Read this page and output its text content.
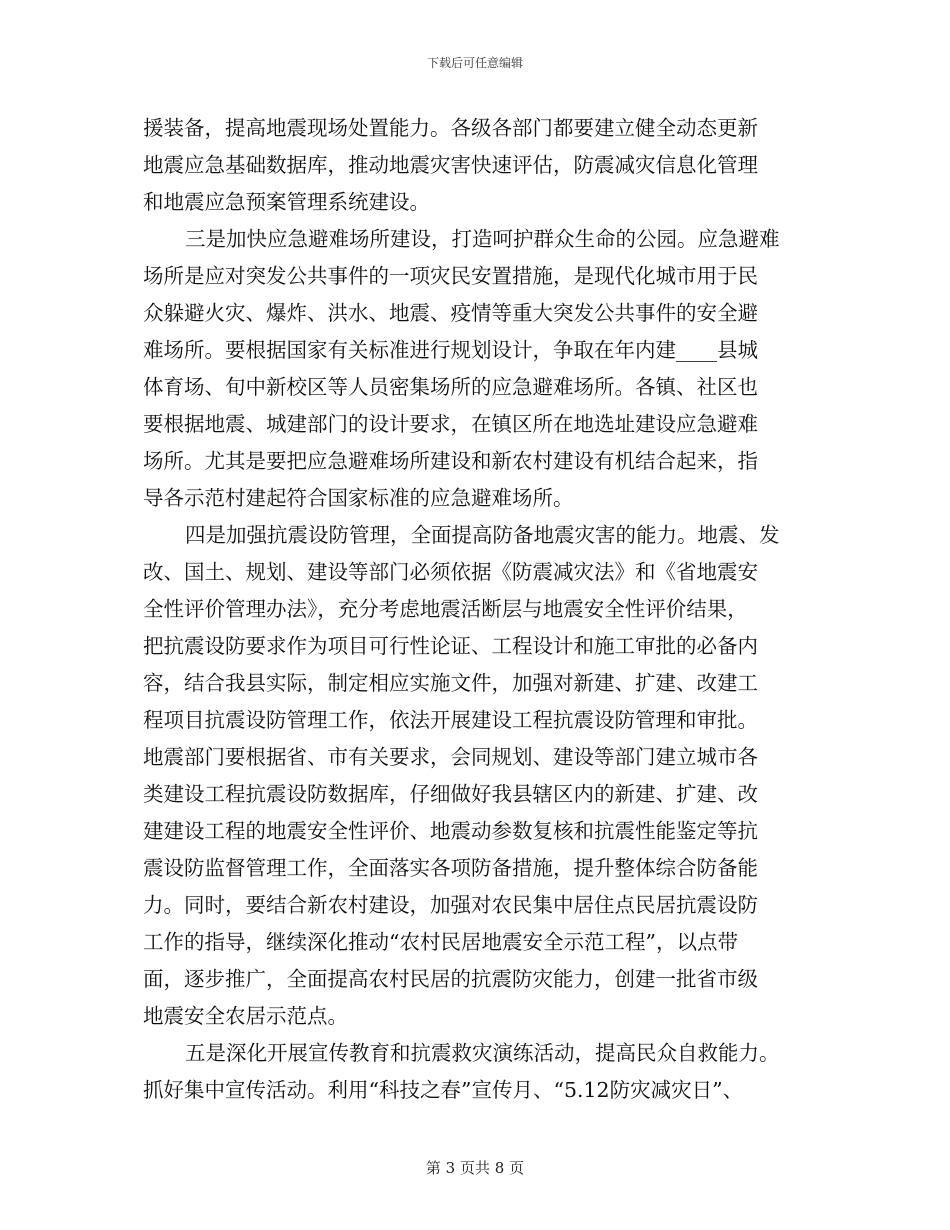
下载后可任意编辑
援装备，提高地震现场处置能力。各级各部门都要建立健全动态更新
地震应急基础数据库，推动地震灾害快速评估，防震减灾信息化管理
和地震应急预案管理系统建设。
三是加快应急避难场所建设，打造呵护群众生命的公园。应急避难
场所是应对突发公共事件的一项灾民安置措施，是现代化城市用于民
众躲避火灾、爆炸、洪水、地震、疫情等重大突发公共事件的安全避
难场所。要根据国家有关标准进行规划设计，争取在年内建____县城
体育场、旬中新校区等人员密集场所的应急避难场所。各镇、社区也
要根据地震、城建部门的设计要求，在镇区所在地选址建设应急避难
场所。尤其是要把应急避难场所建设和新农村建设有机结合起来，指
导各示范村建起符合国家标准的应急避难场所。
四是加强抗震设防管理，全面提高防备地震灾害的能力。地震、发
改、国土、规划、建设等部门必须依据《防震减灾法》和《省地震安
全性评价管理办法》，充分考虑地震活断层与地震安全性评价结果，
把抗震设防要求作为项目可行性论证、工程设计和施工审批的必备内
容，结合我县实际，制定相应实施文件，加强对新建、扩建、改建工
程项目抗震设防管理工作，依法开展建设工程抗震设防管理和审批。
地震部门要根据省、市有关要求，会同规划、建设等部门建立城市各
类建设工程抗震设防数据库，仔细做好我县辖区内的新建、扩建、改
建建设工程的地震安全性评价、地震动参数复核和抗震性能鉴定等抗
震设防监督管理工作，全面落实各项防备措施，提升整体综合防备能
力。同时，要结合新农村建设，加强对农民集中居住点民居抗震设防
工作的指导，继续深化推动“农村民居地震安全示范工程”，以点带
面，逐步推广，全面提高农村民居的抗震防灾能力，创建一批省市级
地震安全农居示范点。
五是深化开展宣传教育和抗震救灾演练活动，提高民众自救能力。
抓好集中宣传活动。利用“科技之春”宣传月、“5.12防灾减灾日”、
第 3 页共 8 页
